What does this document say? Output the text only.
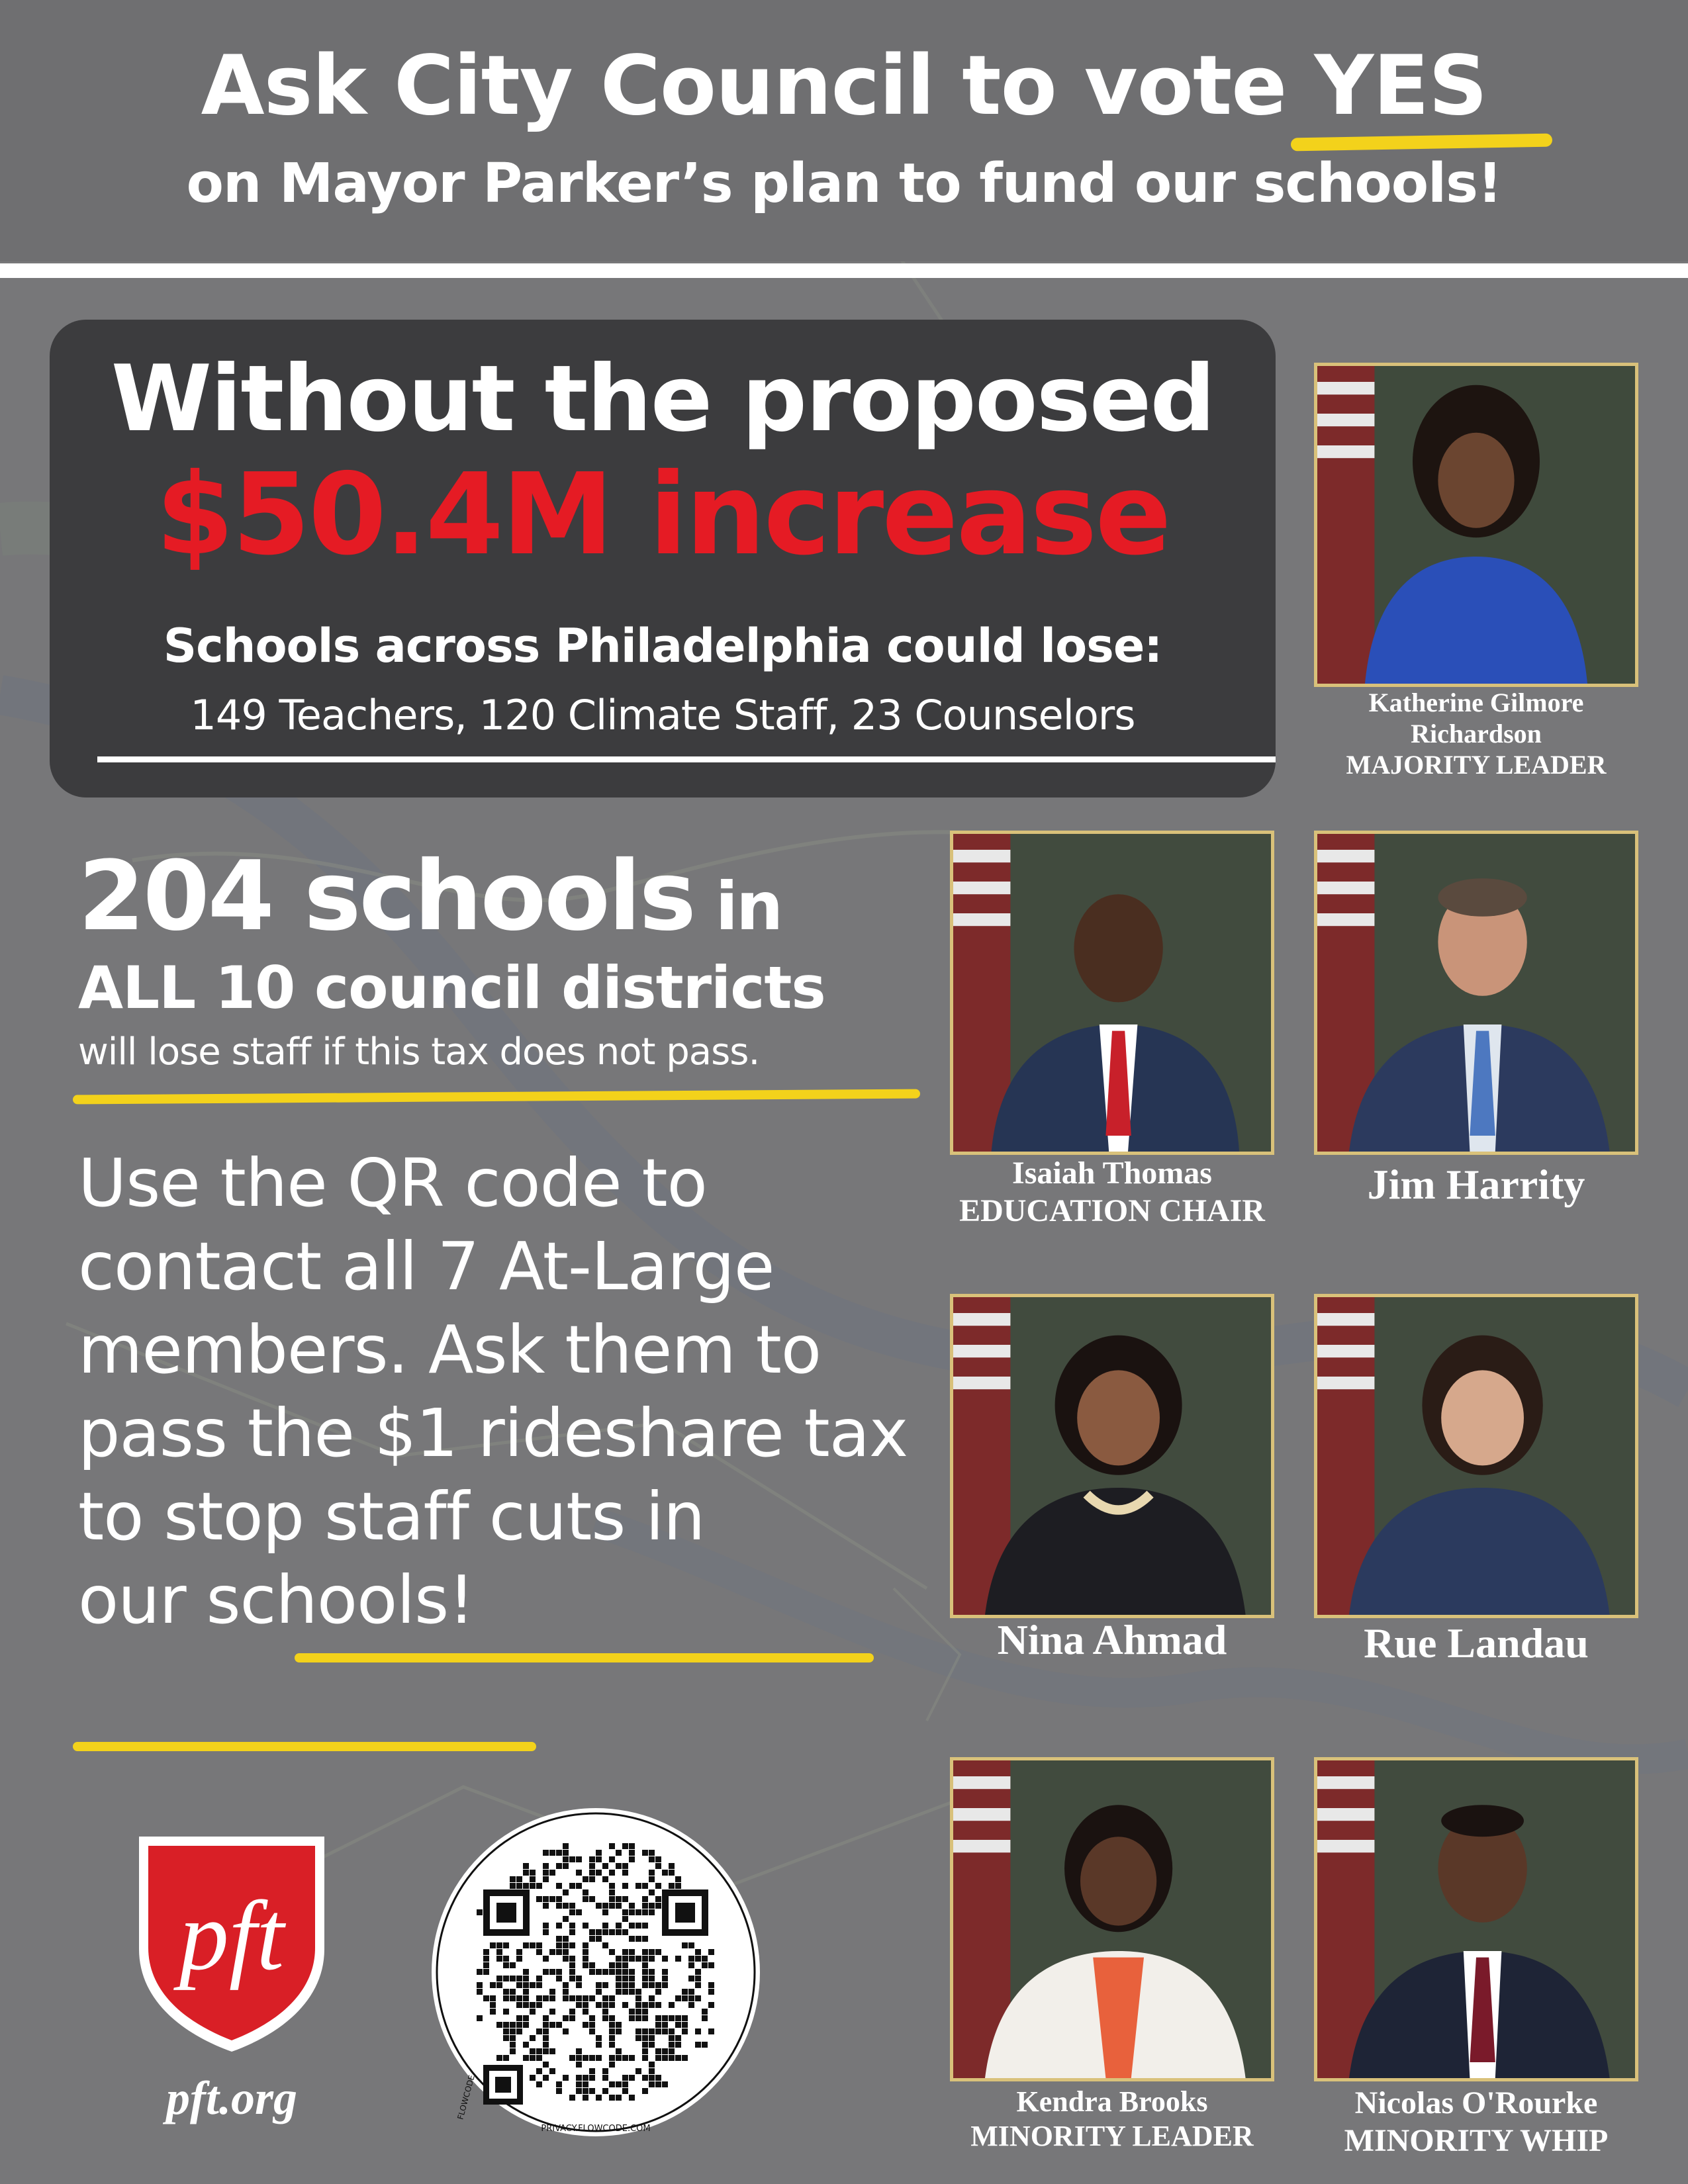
Ask City Council to vote YES
on Mayor Parker’s plan to fund our schools!
Without the proposed
$50.4M increase
Schools across Philadelphia could lose:
149 Teachers, 120 Climate Staff, 23 Counselors
204 schools in
ALL 10 council districts
will lose staff if this tax does not pass.
Use the QR code to contact all 7 At-Large members. Ask them to pass the $1 rideshare tax to stop staff cuts in our schools!
Katherine Gilmore Richardson
MAJORITY LEADER
Isaiah Thomas
EDUCATION CHAIR
Jim Harrity
Nina Ahmad	Rue Landau
Kendra Brooks
MINORITY LEADER
Nicolas O'Rourke
MINORITY WHIP
pft
pft.org
PRIVACY.FLOWCODE.COM
FLOWCODE
